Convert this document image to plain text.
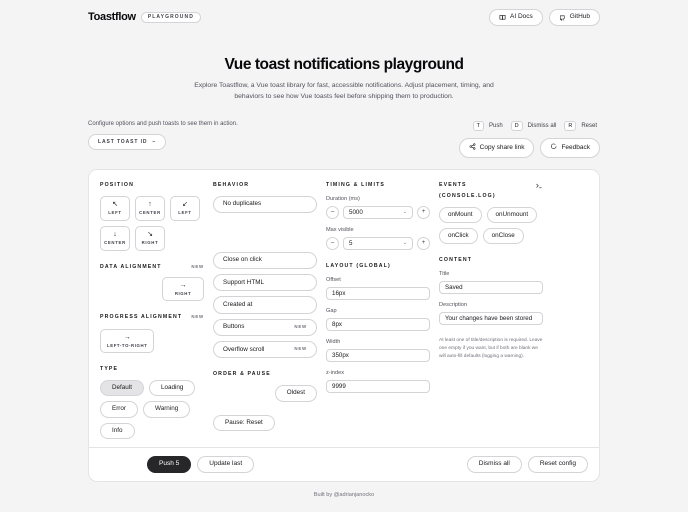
Toastflow	PLAYGROUND	AI Docs	GitHub
Vue toast notifications playground

Explore Toastflow, a Vue toast library for fast, accessible notifications. Adjust placement, timing, and behaviors to see how Vue toasts feel before shipping them to production.

Configure options and push toasts to see them in action.
LAST TOAST ID –
T	Push	D	Dismiss all	R	Reset
Copy share link	Feedback
POSITION
↖
LEFT
↑
CENTER
↙
LEFT
↓
CENTER
↘
RIGHT
DATA ALIGNMENT	NEW
→
RIGHT
PROGRESS ALIGNMENT NEW
→
LEFT-TO-RIGHT
TYPE
Default	Loading
Error	Warning
Info
BEHAVIOR
No duplicates
Close on click
Support HTML
Created at
Buttons	NEW
Overflow scroll	NEW
ORDER & PAUSE
Oldest
Pause: Reset
TIMING & LIMITS
Duration (ms)
–	5000	⌄	+
Max visible
–	5	⌄	+
LAYOUT (GLOBAL)
Offset
16px
Gap
8px
Width
350px
z-index
9999
EVENTS
(CONSOLE.LOG)
onMount	onUnmount
onClick	onClose
CONTENT
Title
Saved
Description
Your changes have been stored
At least one of title/description is required. Leave one empty if you want, but if both are blank we will auto-fill defaults (logging a warning).
Push 5	Update last	Dismiss all	Reset config
Built by @adrianjanocko
